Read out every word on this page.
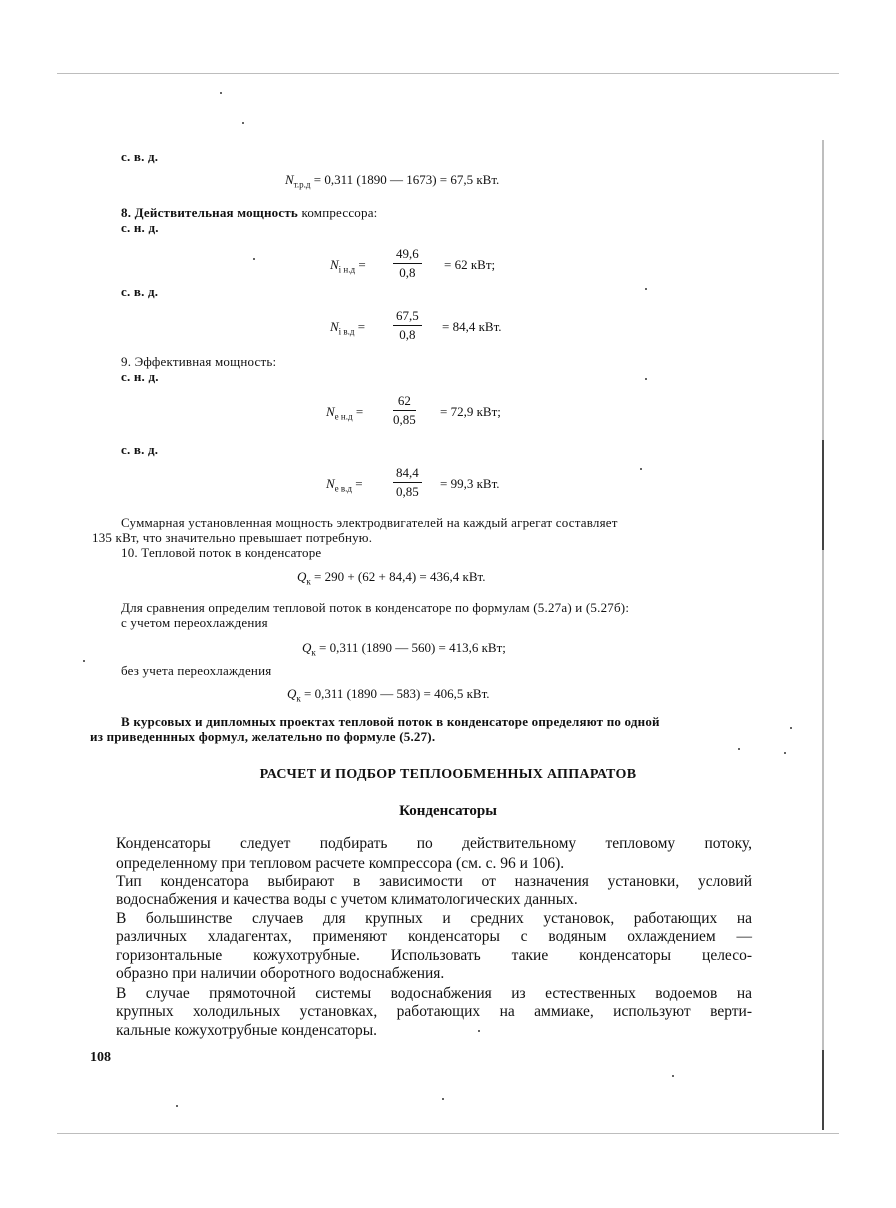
с. в. д.
$N_{т.р.д} = 0,311$ (1890 — 1673) = 67,5 кВт.
8. Действительная мощность компрессора:
с. н. д.
$N_{i н.д} = \frac{49,6}{0,8} = 62$ кВт;
с. в. д.
$N_{i в.д} = \frac{67,5}{0,8} = 84,4$ кВт.
9. Эффективная мощность:
с. н. д.
$N_{e н.д} = \frac{62}{0,85} = 72,9$ кВт;
с. в. д.
$N_{e в.д} = \frac{84,4}{0,85} = 99,3$ кВт.
Суммарная установленная мощность электродвигателей на каждый агрегат составляет
135 кВт, что значительно превышает потребную.
10. Тепловой поток в конденсаторе
$Q_к = 290 + (62 + 84,4) = 436,4$ кВт.
Для сравнения определим тепловой поток в конденсаторе по формулам (5.27а) и (5.27б):
с учетом переохлаждения
$Q_к = 0,311$ (1890 — 560) = 413,6 кВт;
без учета переохлаждения
$Q_к = 0,311$ (1890 — 583) = 406,5 кВт.
В курсовых и дипломных проектах тепловой поток в конденсаторе определяют по одной
из приведеннных формул, желательно по формуле (5.27).
РАСЧЕТ И ПОДБОР ТЕПЛООБМЕННЫХ АППАРАТОВ
Конденсаторы
Конденсаторы следует подбирать по действительному тепловому потоку,
определенному при тепловом расчете компрессора (см. с. 96 и 106).
Тип конденсатора выбирают в зависимости от назначения установки, условий
водоснабжения и качества воды с учетом климатологических данных.
В большинстве случаев для крупных и средних установок, работающих на
различных хладагентах, применяют конденсаторы с водяным охлаждением —
горизонтальные кожухотрубные. Использовать такие конденсаторы целесо-
образно при наличии оборотного водоснабжения.
В случае прямоточной системы водоснабжения из естественных водоемов на
крупных холодильных установках, работающих на аммиаке, используют верти-
кальные кожухотрубные конденсаторы.
108
